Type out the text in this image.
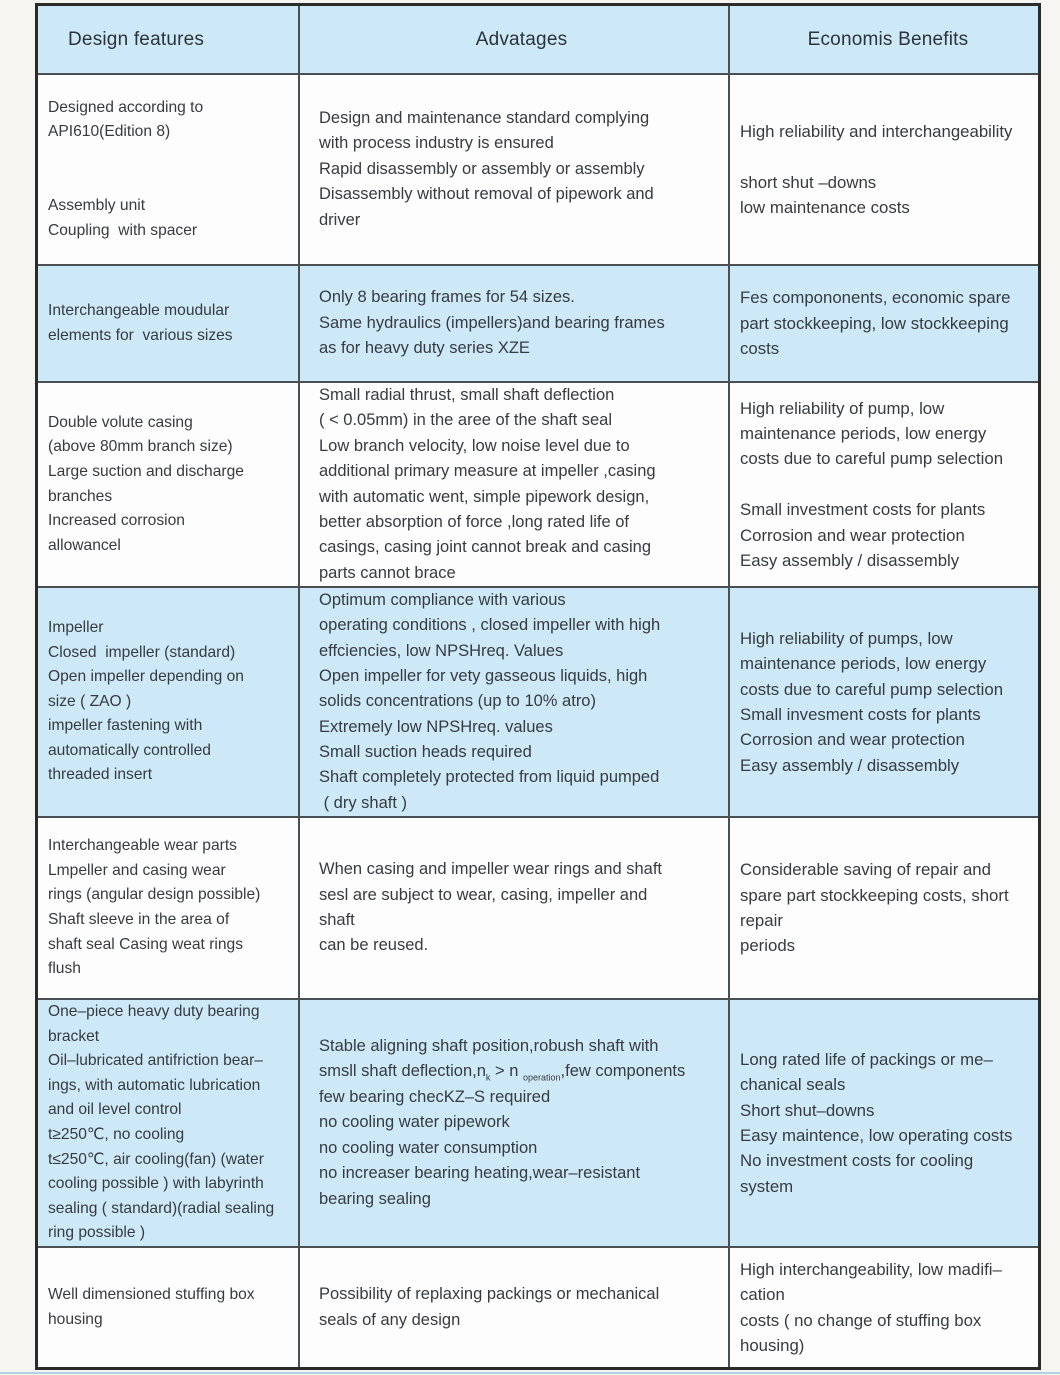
Design features	Advatages	Economis Benefits

Designed according to

API610(Edition 8)

Assembly unit

Coupling  with spacer

Design and maintenance standard complying

with process industry is ensured

Rapid disassembly or assembly or assembly

Disassembly without removal of pipework and

driver

High reliability and interchangeability

short shut –downs

low maintenance costs

Interchangeable moudular

elements for  various sizes

Only 8 bearing frames for 54 sizes.

Same hydraulics (impellers)and bearing frames

as for heavy duty series XZE

Fes compononents, economic spare

part stockkeeping, low stockkeeping

costs

Double volute casing

(above 80mm branch size)

Large suction and discharge

branches

Increased corrosion

allowancel

Small radial thrust, small shaft deflection

( < 0.05mm) in the aree of the shaft seal

Low branch velocity, low noise level due to

additional primary measure at impeller ,casing

with automatic went, simple pipework design,

better absorption of force ,long rated life of

casings, casing joint cannot break and casing

parts cannot brace

High reliability of pump, low

maintenance periods, low energy

costs due to careful pump selection

Small investment costs for plants

Corrosion and wear protection

Easy assembly / disassembly

Impeller

Closed  impeller (standard)

Open impeller depending on

size ( ZAO )

impeller fastening with

automatically controlled

threaded insert

Optimum compliance with various

operating conditions , closed impeller with high

effciencies, low NPSHreq. Values

Open impeller for vety gasseous liquids, high

solids concentrations (up to 10% atro)

Extremely low NPSHreq. values

Small suction heads required

Shaft completely protected from liquid pumped

( dry shaft )

High reliability of pumps, low

maintenance periods, low energy

costs due to careful pump selection

Small invesment costs for plants

Corrosion and wear protection

Easy assembly / disassembly

Interchangeable wear parts

Lmpeller and casing wear

rings (angular design possible)

Shaft sleeve in the area of

shaft seal Casing weat rings

flush

When casing and impeller wear rings and shaft

sesl are subject to wear, casing, impeller and

shaft

can be reused.

Considerable saving of repair and

spare part stockkeeping costs, short

repair

periods

One–piece heavy duty bearing

bracket

Oil–lubricated antifriction bear–

ings, with automatic lubrication

and oil level control

t≥250℃, no cooling

t≤250℃, air cooling(fan) (water

cooling possible ) with labyrinth

sealing ( standard)(radial sealing

ring possible )

Stable aligning shaft position,robush shaft with

smsll shaft $deflection,n_k > n$ $_{operation}$,few components

few bearing checKZ–S required

no cooling water pipework

no cooling water consumption

no increaser bearing heating,wear–resistant

bearing sealing

Long rated life of packings or me–

chanical seals

Short shut–downs

Easy maintence, low operating costs

No investment costs for cooling

system

Well dimensioned stuffing box

housing

Possibility of replaxing packings or mechanical

seals of any design

High interchangeability, low madifi–

cation

costs ( no change of stuffing box

housing)
